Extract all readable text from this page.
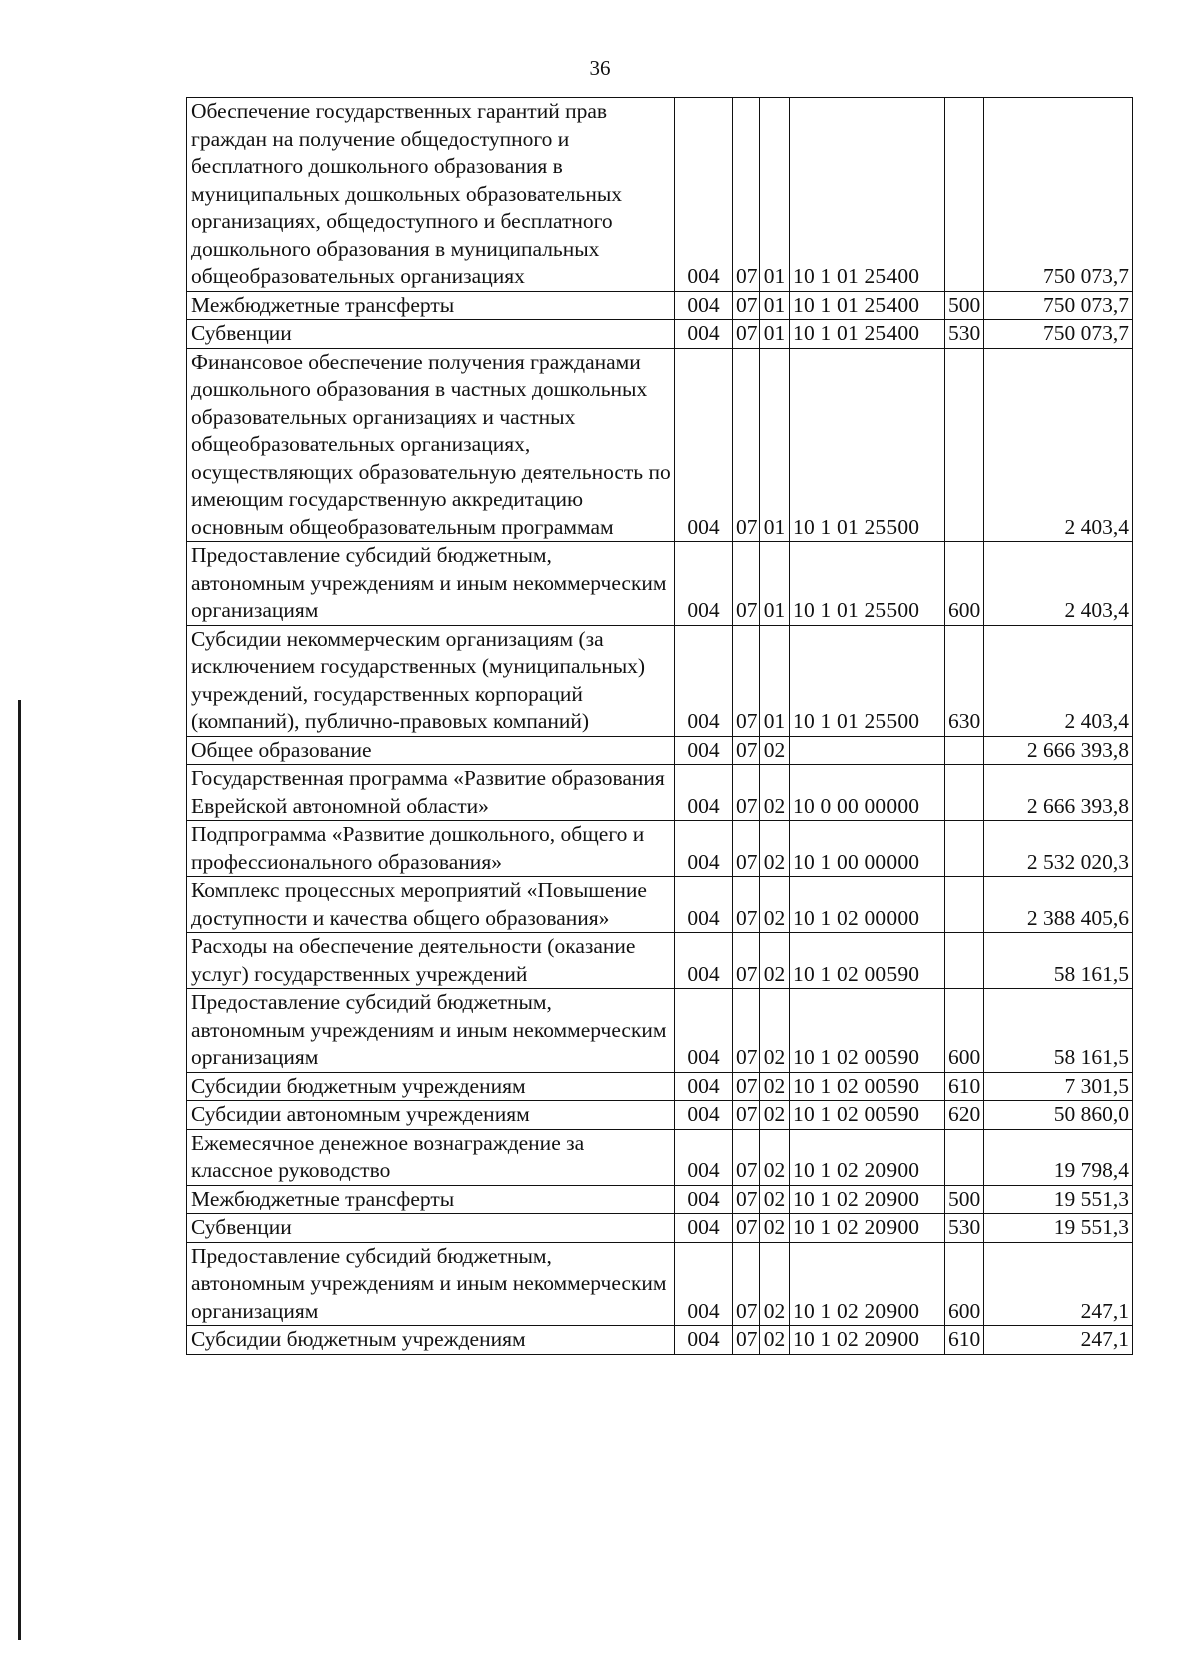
36
Обеспечение государственных гарантий прав граждан на получение общедоступного и бесплатного дошкольного образования в муниципальных дошкольных образовательных организациях, общедоступного и бесплатного дошкольного образования в муниципальных общеобразовательных организациях	004	07	01	10 1 01 25400		750 073,7
Межбюджетные трансферты	004	07	01	10 1 01 25400	500	750 073,7
Субвенции	004	07	01	10 1 01 25400	530	750 073,7
Финансовое обеспечение получения гражданами дошкольного образования в частных дошкольных образовательных организациях и частных общеобразовательных организациях, осуществляющих образовательную деятельность по имеющим государственную аккредитацию основным общеобразовательным программам	004	07	01	10 1 01 25500		2 403,4
Предоставление субсидий бюджетным, автономным учреждениям и иным некоммерческим организациям	004	07	01	10 1 01 25500	600	2 403,4
Субсидии некоммерческим организациям (за исключением государственных (муниципальных) учреждений, государственных корпораций (компаний), публично-правовых компаний)	004	07	01	10 1 01 25500	630	2 403,4
Общее образование	004	07	02			2 666 393,8
Государственная программа «Развитие образования Еврейской автономной области»	004	07	02	10 0 00 00000		2 666 393,8
Подпрограмма «Развитие дошкольного, общего и профессионального образования»	004	07	02	10 1 00 00000		2 532 020,3
Комплекс процессных мероприятий «Повышение доступности и качества общего образования»	004	07	02	10 1 02 00000		2 388 405,6
Расходы на обеспечение деятельности (оказание услуг) государственных учреждений	004	07	02	10 1 02 00590		58 161,5
Предоставление субсидий бюджетным, автономным учреждениям и иным некоммерческим организациям	004	07	02	10 1 02 00590	600	58 161,5
Субсидии бюджетным учреждениям	004	07	02	10 1 02 00590	610	7 301,5
Субсидии автономным учреждениям	004	07	02	10 1 02 00590	620	50 860,0
Ежемесячное денежное вознаграждение за классное руководство	004	07	02	10 1 02 20900		19 798,4
Межбюджетные трансферты	004	07	02	10 1 02 20900	500	19 551,3
Субвенции	004	07	02	10 1 02 20900	530	19 551,3
Предоставление субсидий бюджетным, автономным учреждениям и иным некоммерческим организациям	004	07	02	10 1 02 20900	600	247,1
Субсидии бюджетным учреждениям	004	07	02	10 1 02 20900	610	247,1
